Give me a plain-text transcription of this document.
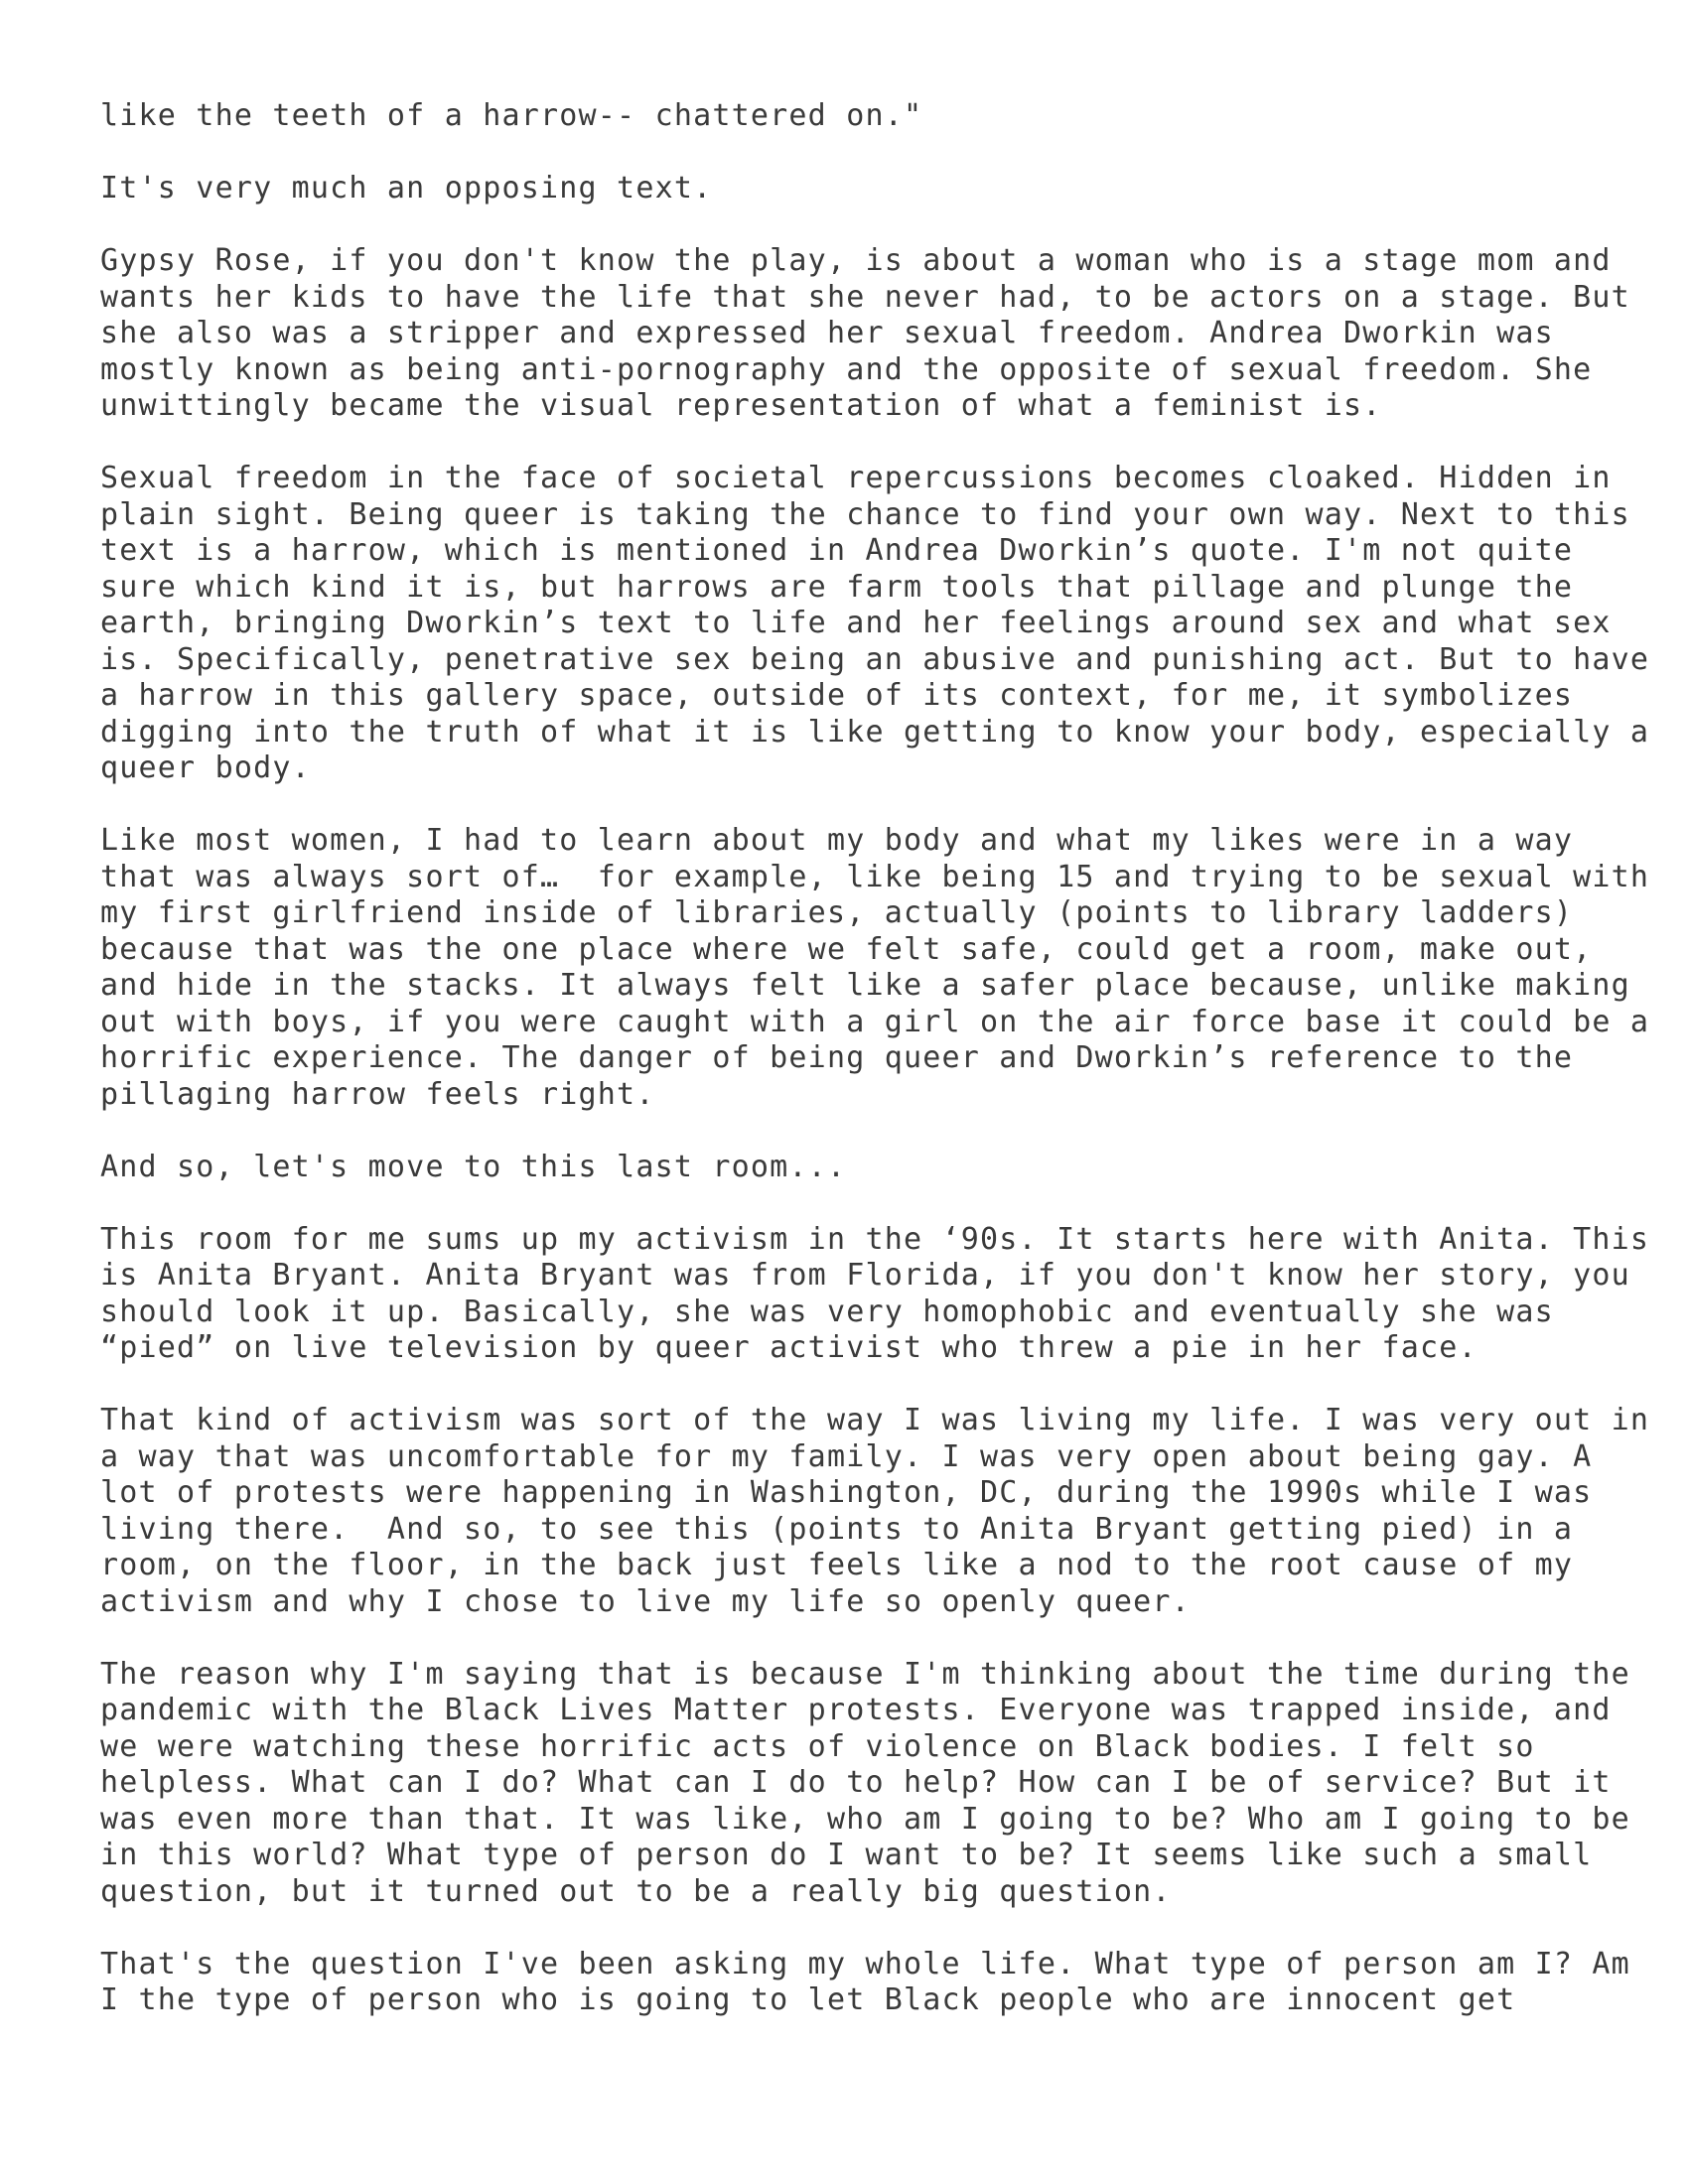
like the teeth of a harrow-- chattered on."
It's very much an opposing text.
Gypsy Rose, if you don't know the play, is about a woman who is a stage mom and
wants her kids to have the life that she never had, to be actors on a stage. But
she also was a stripper and expressed her sexual freedom. Andrea Dworkin was
mostly known as being anti-pornography and the opposite of sexual freedom. She
unwittingly became the visual representation of what a feminist is.
Sexual freedom in the face of societal repercussions becomes cloaked. Hidden in
plain sight. Being queer is taking the chance to find your own way. Next to this
text is a harrow, which is mentioned in Andrea Dworkin’s quote. I'm not quite
sure which kind it is, but harrows are farm tools that pillage and plunge the
earth, bringing Dworkin’s text to life and her feelings around sex and what sex
is. Specifically, penetrative sex being an abusive and punishing act. But to have
a harrow in this gallery space, outside of its context, for me, it symbolizes
digging into the truth of what it is like getting to know your body, especially a
queer body.
Like most women, I had to learn about my body and what my likes were in a way
that was always sort of…  for example, like being 15 and trying to be sexual with
my first girlfriend inside of libraries, actually (points to library ladders)
because that was the one place where we felt safe, could get a room, make out,
and hide in the stacks. It always felt like a safer place because, unlike making
out with boys, if you were caught with a girl on the air force base it could be a
horrific experience. The danger of being queer and Dworkin’s reference to the
pillaging harrow feels right.
And so, let's move to this last room...
This room for me sums up my activism in the ‘90s. It starts here with Anita. This
is Anita Bryant. Anita Bryant was from Florida, if you don't know her story, you
should look it up. Basically, she was very homophobic and eventually she was
“pied” on live television by queer activist who threw a pie in her face.
That kind of activism was sort of the way I was living my life. I was very out in
a way that was uncomfortable for my family. I was very open about being gay. A
lot of protests were happening in Washington, DC, during the 1990s while I was
living there.  And so, to see this (points to Anita Bryant getting pied) in a
room, on the floor, in the back just feels like a nod to the root cause of my
activism and why I chose to live my life so openly queer.
The reason why I'm saying that is because I'm thinking about the time during the
pandemic with the Black Lives Matter protests. Everyone was trapped inside, and
we were watching these horrific acts of violence on Black bodies. I felt so
helpless. What can I do? What can I do to help? How can I be of service? But it
was even more than that. It was like, who am I going to be? Who am I going to be
in this world? What type of person do I want to be? It seems like such a small
question, but it turned out to be a really big question.
That's the question I've been asking my whole life. What type of person am I? Am
I the type of person who is going to let Black people who are innocent get
